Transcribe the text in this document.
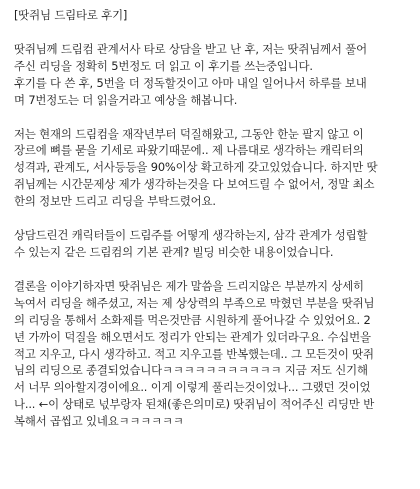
[땃쥐님 드림타로 후기]
땃쥐님께 드림컴 관계서사 타로 상담을 받고 난 후, 저는 땃쥐님께서 풀어
주신 리딩을 정확히 5번정도 더 읽고 이 후기를 쓰는중입니다.
후기를 다 쓴 후, 5번을 더 정독할것이고 아마 내일 일어나서 하루를 보내
며 7번정도는 더 읽을거라고 예상을 해봅니다.
저는 현재의 드림컴을 재작년부터 덕질해왔고, 그동안 한눈 팔지 않고 이
장르에 뼈를 묻을 기세로 파왔기때문에.. 제 나름대로 생각하는 캐릭터의
성격과, 관계도, 서사등등을 90%이상 확고하게 갖고있었습니다. 하지만 땃
쥐님께는 시간문제상 제가 생각하는것을 다 보여드릴 수 없어서, 정말 최소
한의 정보만 드리고 리딩을 부탁드렸어요.
상담드린건 캐릭터들이 드림주를 어떻게 생각하는지, 삼각 관계가 성립할
수 있는지 같은 드림컴의 기본 관계? 빌딩 비슷한 내용이었습니다.
결론을 이야기하자면 땃쥐님은 제가 말씀을 드리지않은 부분까지 상세히
녹여서 리딩을 해주셨고, 저는 제 상상력의 부족으로 막혔던 부분을 땃쥐님
의 리딩을 통해서 소화제를 먹은것만큼 시원하게 풀어나갈 수 있었어요. 2
년 가까이 덕질을 해오면서도 정리가 안되는 관계가 있더라구요. 수십번을
적고 지우고, 다시 생각하고. 적고 지우고를 반복했는데.. 그 모든것이 땃쥐
님의 리딩으로 종결되었습니다ㅋㅋㅋㅋㅋㅋㅋㅋㅋㅋㅋ 지금 저도 신기해
서 너무 의아할지경이에요.. 이게 이렇게 풀리는것이었나... 그랬던 것이었
나... ←이 상태로 넋부랑자 된채(좋은의미로) 땃쥐님이 적어주신 리딩만 반
복해서 곱씹고 있네요ㅋㅋㅋㅋㅋㅋ
